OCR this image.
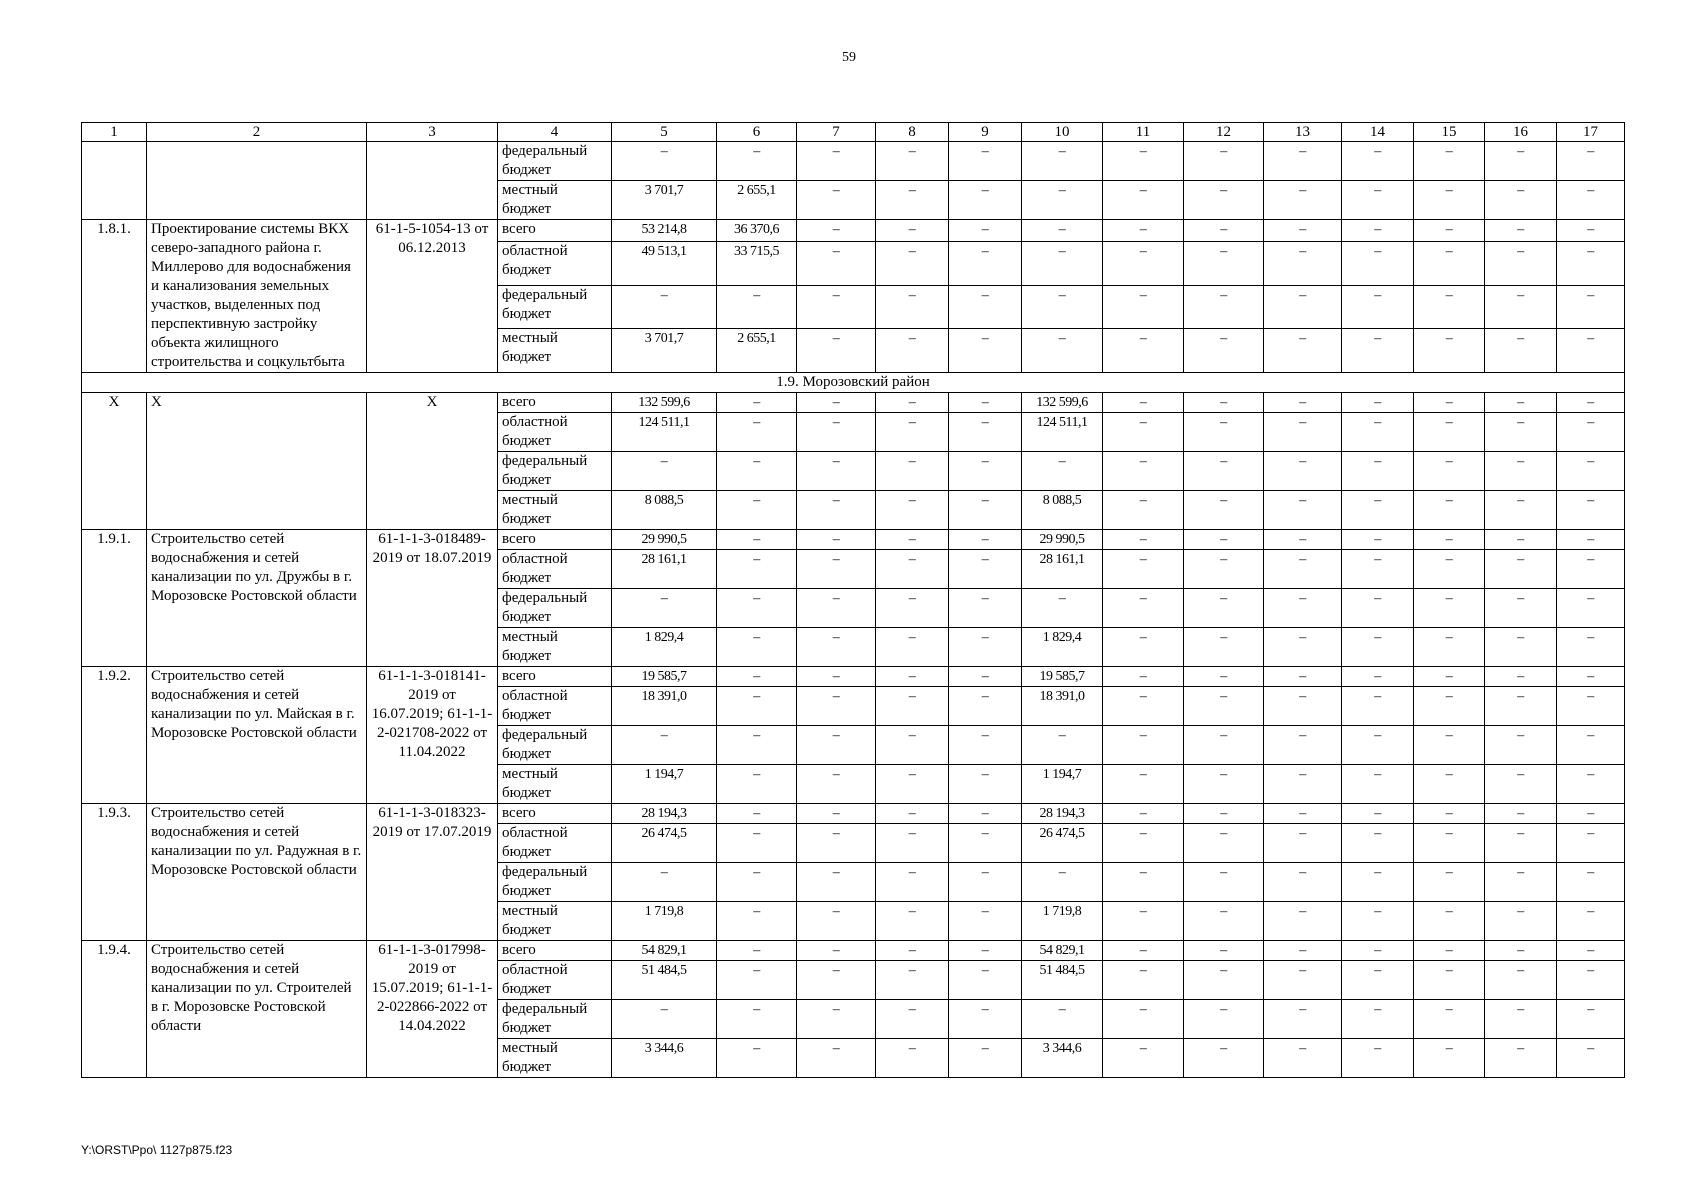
59
1	2	3	4	5	6	7	8	9	10	11	12	13	14	15	16	17
			федеральный бюджет	–	–	–	–	–	–	–	–	–	–	–	–	–
			местный бюджет	3 701,7	2 655,1	–	–	–	–	–	–	–	–	–	–	–
1.8.1.	Проектирование системы ВКХ северо-западного района г. Миллерово для водоснабжения и канализования земельных участков, выделенных под перспективную застройку объекта жилищного строительства и соцкультбыта	61-1-5-1054-13 от 06.12.2013	всего	53 214,8	36 370,6	–	–	–	–	–	–	–	–	–	–	–
			областной бюджет	49 513,1	33 715,5	–	–	–	–	–	–	–	–	–	–	–
			федеральный бюджет	–	–	–	–	–	–	–	–	–	–	–	–	–
			местный бюджет	3 701,7	2 655,1	–	–	–	–	–	–	–	–	–	–	–
1.9. Морозовский район																
Х	Х	Х	всего	132 599,6	–	–	–	–	132 599,6	–	–	–	–	–	–	–
			областной бюджет	124 511,1	–	–	–	–	124 511,1	–	–	–	–	–	–	–
			федеральный бюджет	–	–	–	–	–	–	–	–	–	–	–	–	–
			местный бюджет	8 088,5	–	–	–	–	8 088,5	–	–	–	–	–	–	–
1.9.1.	Строительство сетей водоснабжения и сетей канализации по ул. Дружбы в г. Морозовске Ростовской области	61-1-1-3-018489-2019 от 18.07.2019	всего	29 990,5	–	–	–	–	29 990,5	–	–	–	–	–	–	–
			областной бюджет	28 161,1	–	–	–	–	28 161,1	–	–	–	–	–	–	–
			федеральный бюджет	–	–	–	–	–	–	–	–	–	–	–	–	–
			местный бюджет	1 829,4	–	–	–	–	1 829,4	–	–	–	–	–	–	–
1.9.2.	Строительство сетей водоснабжения и сетей канализации по ул. Майская в г. Морозовске Ростовской области	61-1-1-3-018141-2019 от 16.07.2019; 61-1-1-2-021708-2022 от 11.04.2022	всего	19 585,7	–	–	–	–	19 585,7	–	–	–	–	–	–	–
			областной бюджет	18 391,0	–	–	–	–	18 391,0	–	–	–	–	–	–	–
			федеральный бюджет	–	–	–	–	–	–	–	–	–	–	–	–	–
			местный бюджет	1 194,7	–	–	–	–	1 194,7	–	–	–	–	–	–	–
1.9.3.	Строительство сетей водоснабжения и сетей канализации по ул. Радужная в г. Морозовске Ростовской области	61-1-1-3-018323-2019 от 17.07.2019	всего	28 194,3	–	–	–	–	28 194,3	–	–	–	–	–	–	–
			областной бюджет	26 474,5	–	–	–	–	26 474,5	–	–	–	–	–	–	–
			федеральный бюджет	–	–	–	–	–	–	–	–	–	–	–	–	–
			местный бюджет	1 719,8	–	–	–	–	1 719,8	–	–	–	–	–	–	–
1.9.4.	Строительство сетей водоснабжения и сетей канализации по ул. Строителей в г. Морозовске Ростовской области	61-1-1-3-017998-2019 от 15.07.2019; 61-1-1-2-022866-2022 от 14.04.2022	всего	54 829,1	–	–	–	–	54 829,1	–	–	–	–	–	–	–
			областной бюджет	51 484,5	–	–	–	–	51 484,5	–	–	–	–	–	–	–
			федеральный бюджет	–	–	–	–	–	–	–	–	–	–	–	–	–
			местный бюджет	3 344,6	–	–	–	–	3 344,6	–	–	–	–	–	–	–
Y:\ORST\Ppo\ 1127p875.f23
